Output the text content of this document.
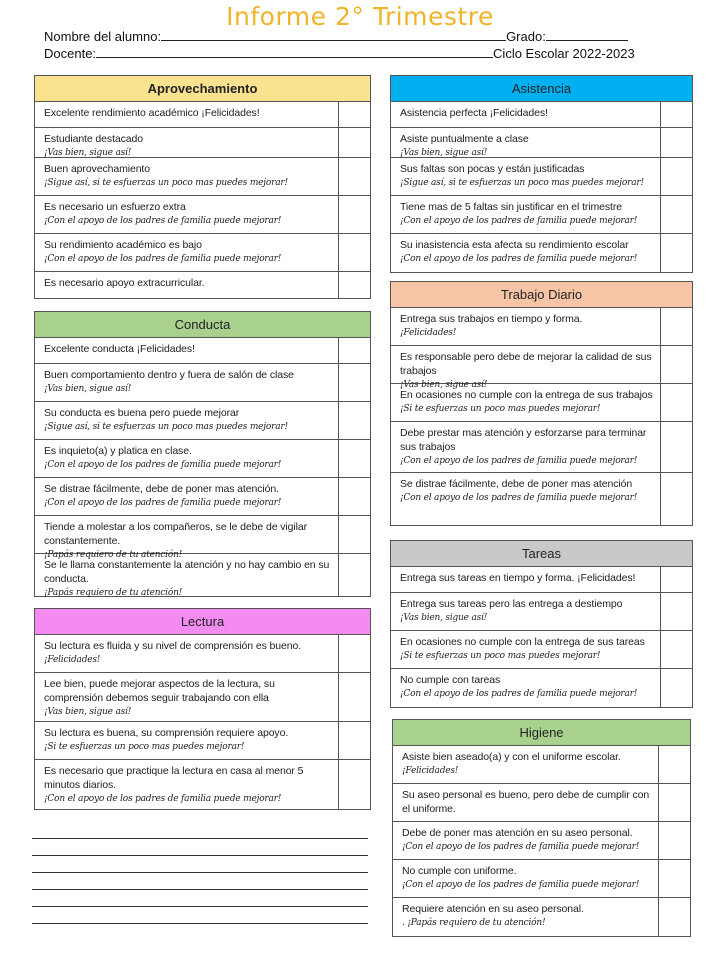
Informe 2° Trimestre
Nombre del alumno:	Grado:
Docente:	Ciclo Escolar 2022-2023
Aprovechamiento
Excelente rendimiento académico ¡Felicidades!
Estudiante destacado
¡Vas bien, sigue así!
Buen aprovechamiento
¡Sigue así, si te esfuerzas un poco mas puedes mejorar!
Es necesario un esfuerzo extra
¡Con el apoyo de los padres de familia puede mejorar!
Su rendimiento académico es bajo
¡Con el apoyo de los padres de familia puede mejorar!
Es necesario apoyo extracurricular.
Conducta
Excelente conducta ¡Felicidades!
Buen comportamiento dentro y fuera de salón de clase
¡Vas bien, sigue así!
Su conducta es buena pero puede mejorar
¡Sigue así, si te esfuerzas un poco mas puedes mejorar!
Es inquieto(a) y platica en clase.
¡Con el apoyo de los padres de familia puede mejorar!
Se distrae fácilmente, debe de poner mas atención.
¡Con el apoyo de los padres de familia puede mejorar!
Tiende a molestar a los compañeros, se le debe de vigilar constantemente.
¡Papás requiero de tu atención!
Se le llama constantemente la atención y no hay cambio en su conducta.
¡Papás requiero de tu atención!
Lectura
Su lectura es fluida y su nivel de comprensión es bueno.
¡Felicidades!
Lee bien, puede mejorar aspectos de la lectura, su comprensión debemos seguir trabajando con ella
¡Vas bien, sigue así!
Su lectura es buena, su comprensión requiere apoyo.
¡Si te esfuerzas un poco mas puedes mejorar!
Es necesario que practique la lectura en casa al menor 5 minutos diarios.
¡Con el apoyo de los padres de familia puede mejorar!
Asistencia
Asistencia perfecta ¡Felicidades!
Asiste puntualmente a clase
¡Vas bien, sigue así!
Sus faltas son pocas y están justificadas
¡Sigue así, si te esfuerzas un poco mas puedes mejorar!
Tiene mas de 5 faltas sin justificar en el trimestre
¡Con el apoyo de los padres de familia puede mejorar!
Su inasistencia esta afecta su rendimiento escolar
¡Con el apoyo de los padres de familia puede mejorar!
Trabajo Diario
Entrega sus trabajos en tiempo y forma.
¡Felicidades!
Es responsable pero debe de mejorar la calidad de sus trabajos
¡Vas bien, sigue así!
En ocasiones no cumple con la entrega de sus trabajos
¡Si te esfuerzas un poco mas puedes mejorar!
Debe prestar mas atención y esforzarse para terminar sus trabajos
¡Con el apoyo de los padres de familia puede mejorar!
Se distrae fácilmente, debe de poner mas atención
¡Con el apoyo de los padres de familia puede mejorar!
Tareas
Entrega sus tareas en tiempo y forma. ¡Felicidades!
Entrega sus tareas pero las entrega a destiempo
¡Vas bien, sigue así!
En ocasiones no cumple con la entrega de sus tareas
¡Si te esfuerzas un poco mas puedes mejorar!
No cumple con tareas
¡Con el apoyo de los padres de familia puede mejorar!
Higiene
Asiste bien aseado(a) y con el uniforme escolar.
¡Felicidades!
Su aseo personal es bueno, pero debe de cumplir con el uniforme.
Debe de poner mas atención en su aseo personal.
¡Con el apoyo de los padres de familia puede mejorar!
No cumple con uniforme.
¡Con el apoyo de los padres de familia puede mejorar!
Requiere atención en su aseo personal.
. ¡Papás requiero de tu atención!
